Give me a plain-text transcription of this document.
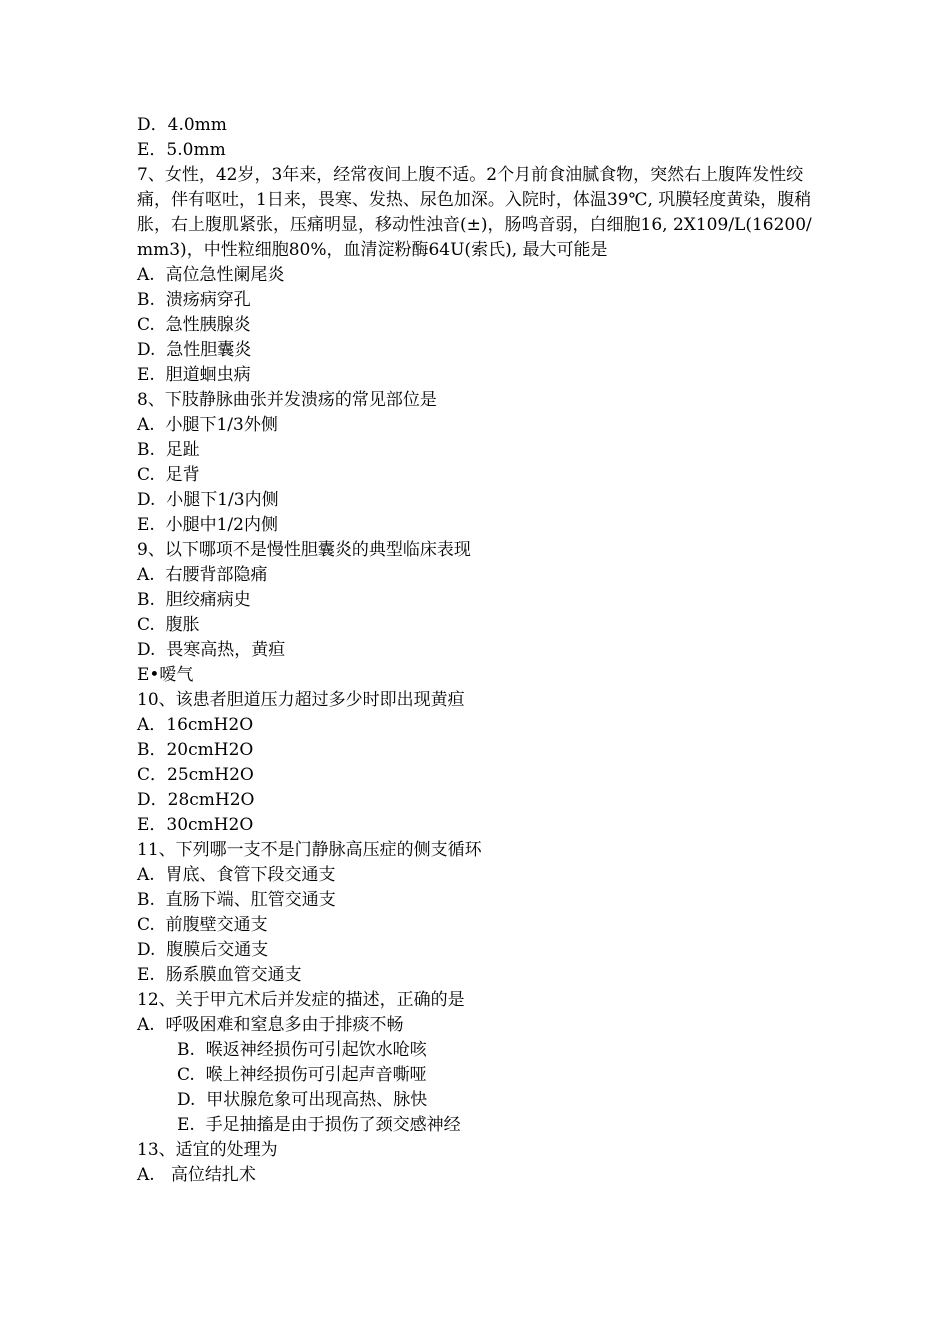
D．4.0mm
E．5.0mm
7、女性，42岁，3年来，经常夜间上腹不适。2个月前食油腻食物，突然右上腹阵发性绞痛，伴有呕吐，1日来，畏寒、发热、尿色加深。入院时，体温39℃, 巩膜轻度黄染，腹稍胀，右上腹肌紧张，压痛明显，移动性浊音(±)，肠鸣音弱，白细胞16, 2X109/L(16200/mm3)，中性粒细胞80%，血清淀粉酶64U(索氏), 最大可能是
A.  高位急性阑尾炎
B.  溃疡病穿孔
C.  急性胰腺炎
D.  急性胆囊炎
E.  胆道蛔虫病
8、下肢静脉曲张并发溃疡的常见部位是
A.  小腿下1/3外侧
B.  足趾
C.  足背
D.  小腿下1/3内侧
E.  小腿中1/2内侧
9、以下哪项不是慢性胆囊炎的典型临床表现
A.  右腰背部隐痛
B.  胆绞痛病史
C.  腹胀
D.  畏寒高热，黄疸
E•嗳气
10、该患者胆道压力超过多少时即出现黄疸
A．16cmH2O
B．20cmH2O
C．25cmH2O
D．28cmH2O
E．30cmH2O
11、下列哪一支不是门静脉高压症的侧支循环
A.  胃底、食管下段交通支
B.  直肠下端、肛管交通支
C.  前腹壁交通支
D.  腹膜后交通支
E.  肠系膜血管交通支
12、关于甲亢术后并发症的描述，正确的是
A.  呼吸困难和窒息多由于排痰不畅
B.  喉返神经损伤可引起饮水呛咳
C.  喉上神经损伤可引起声音嘶哑
D.  甲状腺危象可出现高热、脉快
E.  手足抽搐是由于损伤了颈交感神经
13、适宜的处理为
A.   高位结扎术
